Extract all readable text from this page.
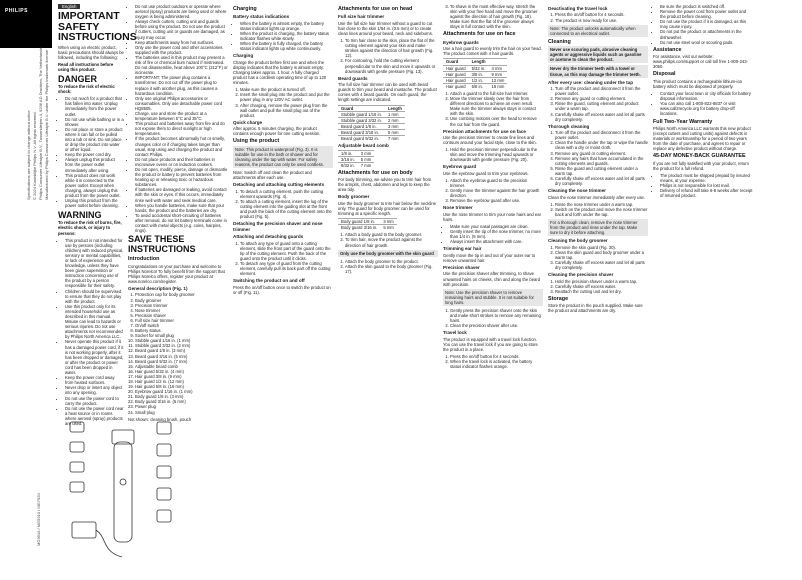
PHILIPS

Specifications are subject to change without notice © 2024 Koninklijke Philips N.V. All rights reserved. Philips Consumer Lifestyle B.V., Tussendiepen 4, 9206 AD Drachten, The Netherlands Manufactured by Philips Consumer Lifestyle B.V. under the Philips trademark license

MG3910 / MG5910 / MG7920
English
IMPORTANT SAFETY INSTRUCTIONS

When using an electric product, basic precautions should always be followed, including the following:

Read all instructions before using this product.

DANGER

To reduce the risk of electric shock:

• Do not reach for a product that has fallen into water. Unplug immediately from the power outlet.
• Do not use while bathing or in a shower.
• Do not place or store a product where it can fall or be pulled into a tub or sink. Do not place or drop the product into water or other liquid.
• Keep the power cord dry.
• Always unplug this product from the power outlet immediately after using.
• This product does not work while it is connected to the power outlet. Except when charging, always unplug this product from the power outlet.
• Unplug this product from the power outlet before cleaning.
WARNING

To reduce the risk of burns, fire, electric shock, or injury to persons:

• This product is not intended for use by persons (including children) with reduced physical, sensory or mental capabilities, or lack of experience and knowledge, unless they have been given supervision or instruction concerning use of the product by a person responsible for their safety.
• Children should be supervised to ensure that they do not play with the product.
• Use this product only for its intended household use as described in this manual. Misuse can lead to hazards or serious injuries. Do not use attachments not recommended by Philips North America LLC.
• Never operate this product if it has a damaged power cord, if it is not working properly, after it has been dropped or damaged, or after the product or power cord has been dropped in water.
• Keep the power cord away from heated surfaces.
• Never drop or insert any object into any opening.
• Do not use the power cord to carry the product.
• Do not use the power cord near a heat source or in rooms where aerosol (spray) products are used.
• Do not use product outdoors or operate where aerosol (spray) products are being used or where oxygen is being administered.
• Always check cutters, cutting unit and guards before using the product. Do not use the product if cutters, cutting unit or guards are damaged, as injury may occur.
• Keep attachments away from hot surfaces.
• Only use the power cord and other accessories supplied with the product.
• The batteries used in this product may present a risk of fire or chemical burn hazard if mistreated. Do not disassemble, heat above 100°C (212°F) or incinerate.
• IMPORTANT: The power plug contains a transformer. Do not cut off the power plug to replace it with another plug, as this causes a hazardous condition.
• Only use original Philips accessories or consumables. Only use detachable power cord HQ8505.
• Charge, use and store the product at a temperature between 5°C and 35°C.
• This product and batteries away from fire and do not expose them to direct sunlight or high temperatures.
• If the product becomes abnormally hot or smelly, changes color or if charging takes longer than usual, stop using and charging the product and contact Philips.
• Do not place products and their batteries in microwave ovens or on induction cookers.
• Do not open, modify, pierce, damage or dismantle the product or battery to prevent batteries from heating up or releasing toxic or hazardous substances.
• If batteries are damaged or leaking, avoid contact with the skin or eyes. If this occurs, immediately rinse well with water and seek medical care.
• When you handle batteries, make sure that your hands, the product and the batteries are dry.
• To avoid accidental short-circuiting of batteries after removal, do not let battery terminals come in contact with metal objects (e.g. coins, hairpins, rings).
SAVE THESE INSTRUCTIONS
Introduction

Congratulations on your purchase and welcome to Philips Norelco! To fully benefit from the support that Philips Norelco offers, register your product at www.norelco.com/register.

General description (Fig. 1)
1. Protection cap for body groomer
2. Body groomer
3. Precision trimmer
4. Nose trimmer
5. Precision shaver
6. Full size hair trimmer
7. On/off switch
8. Battery status
9. Socket for small plug
10. Stubble guard 1/16 in. (1 mm)
11. Stubble guard 3/32 in. (2 mm)
12. Beard guard 1/8 in. (3 mm)
13. Beard guard 3/16 in. (5 mm)
14. Beard guard 9/32 in. (7 mm)
15. Adjustable beard comb
16. Hair guard 5/32 in. (4 mm)
17. Hair guard 3/8 in. (9 mm)
18. Hair guard 1/2 in. (12 mm)
19. Hair guard 5/8 in. (16 mm)
20. Eyebrow guard 1/16 in. (1 mm)
21. Body guard 1/8 in. (3 mm)
22. Body guard 3/16 in. (5 mm)
23. Power plug
24. Small plug

Not shown: cleaning brush, pouch

Charging
Battery status indications
• When the battery is almost empty, the battery status indicator lights up orange.
• When the product is charging, the battery status indicator flashes white slowly.
• When the battery is fully charged, the battery status indicator lights up white continuously.
Charging

Charge the product before first use and when the display indicates that the battery is almost empty. Charging takes approx. 1 hour. A fully charged product has a cordless operating time of up to 120 minutes.

1. Make sure the product is turned off.
2. Insert the small plug into the product and put the power plug in any 120V AC outlet.
3. After charging, remove the power plug from the wall outlet and pull the small plug out of the product.
Quick charge

After approx. 5 minutes charging, the product contains enough power for one cutting session.

Using the product

Note: This product is waterproof (Fig. 3). It is suitable for use in the bath or shower and for cleaning under the tap with water. For safety reasons, the product can only be used cordless.

Note: Switch off and clean the product and attachments after each use.

Detaching and attaching cutting elements
1. To detach a cutting element, push the cutting element upwards (Fig. 4).
2. To attach a cutting element, insert the lug of the cutting element into the guiding slot at the front and push the back of the cutting element onto the product (Fig. 5).
Detaching the precision shaver and nose trimmer
Attaching and detaching guards
1. To attach any type of guard onto a cutting element, slide the front part of the guard onto the tip of the cutting element. Push the back of the guard onto the product until it clicks.
2. To detach any type of guard from the cutting element, carefully pull its back part off the cutting element.
Switching the product on and off

Press the on/off button once to switch the product on or off (Fig. 11).

Attachments for use on head
Full size hair trimmer

Use the full size hair trimmer without a guard to cut hair close to the skin 1/64 in. (0.5 mm) or to create clean lines around your beard, neck and sideburns.

1. To trim hair close to the skin, place the flat of the cutting element against your skin and make strokes against the direction of hair growth (Fig. 12).
2. For contouring, hold the cutting element perpendicular to the skin and move it upwards or downwards with gentle pressure (Fig. 13).
Beard guards

The full size hair trimmer can be used with beard guards to trim your beard and mustache. The product comes with 4 beard guards. On each guard, the length settings are indicated.

Guard	Length
Stubble guard 1/16 in.	1 mm
Stubble guard 3/32 in.	2 mm
Beard guard 1/8 in.	3 mm
Beard guard 3/16 in.	5 mm
Beard guard 9/32 in.	7 mm
Adjustable beard comb
1/8 in.	3 mm
3/16 in.	5 mm
9/32 in.	7 mm
Attachments for use on body

For body trimming, we advise you to trim hair from the armpits, chest, abdomen and legs to keep the area tidy.

Body groomer

Use the body groomer to trim hair below the neckline only. The guard for body groomer can be used for trimming at a specific length.

Body guard 1/8 in.	3 mm
Body guard 3/16 in.	5 mm
1. Attach a body guard to the body groomer.
2. To trim hair, move the product against the direction of hair growth.
Only use the body groomer with the skin guard
1. Attach the body groomer to the product.
2. Attach the skin guard to the body groomer (Fig. 17).
3. To shave in the most effective way, stretch the skin with your free hand and move the groomer against the direction of hair growth (Fig. 18). Make sure that the flat of the groomer always stays in full contact with the skin.
Attachments for use on face
Eyebrow guards

Use a hair guard to evenly trim the hair on your head. The product comes with 4 hair guards.

Guard	Length	
Hair guard	5/32 in.	4 mm
Hair guard	3/8 in.	9 mm
Hair guard	1/2 in.	12 mm
Hair guard	5/8 in.	16 mm
1. Attach a guard to the full size hair trimmer.
2. Move the trimmer slowly over the hair from different directions to achieve an even result. Make sure the trimmer always stays in contact with the skin.
3. Use combing motions over the head to remove the cut hair from the guard.
Precision attachments for use on face

Use the precision trimmer to create fine lines and contours around your facial style, close to the skin.

1. Hold the precision trimmer perpendicular to the skin and move the trimming head upwards or downwards with gentle pressure (Fig. 20).
Eyebrow guard

Use the eyebrow guard to trim your eyebrows.

1. Attach the eyebrow guard to the precision trimmer.
2. Gently move the trimmer against the hair growth direction.
3. Remove the eyebrow guard after use.
Nose trimmer

Use the nose trimmer to trim your nose hairs and ear hairs.

• Make sure your nasal passages are clean.
• Gently insert the tip of the nose trimmer, no more than 1/4 in. (5 mm).
• Always insert the attachment with care.
Trimming ear hair

Gently move the tip in and out of your outer ear to remove unwanted hair.

Precision shaver

Use the precision shaver after trimming, to shave unwanted hairs on cheeks, chin and along the beard with precision.

Note: Use the precision shaver to remove remaining hairs and stubble. It is not suitable for long hairs.

1. Gently press the precision shaver onto the skin and make short strokes to remove any remaining hairs.
2. Clean the precision shaver after use.
Travel lock

The product is equipped with a travel lock function. You can use the travel lock if you are going to store the product in a place.

1. Press the on/off button for 4 seconds.
2. When the travel lock is activated, the battery status indicator flashes orange.
Deactivating the travel lock
1. Press the on/off button for 4 seconds.
2. The product is now ready for use.

Note: The product unlocks automatically when connected to an electrical outlet.

Cleaning

Never use scouring pads, abrasive cleaning agents or aggressive liquids such as gasoline or acetone to clean the product.

Never dry the trimmer teeth with a towel or tissue, as this may damage the trimmer teeth.

After every use: cleaning under the tap
1. Turn off the product and disconnect it from the power outlet.
2. Remove any guard or cutting element.
3. Rinse the guard, cutting element and product under a warm tap.
4. Carefully shake off excess water and let all parts dry completely.
Thorough cleaning
1. Turn off the product and disconnect it from the power outlet.
2. Clean the handle under the tap or wipe the handle clean with a dry or moist cloth.
3. Remove any guard or cutting element.
4. Remove any hairs that have accumulated in the cutting elements and guards.
5. Rinse the guard and cutting element under a warm tap.
6. Carefully shake off excess water and let all parts dry completely.
Cleaning the nose trimmer

Clean the nose trimmer immediately after every use.

1. Rinse the nose trimmer under a warm tap.
2. Switch on the product and move the nose trimmer back and forth under the tap.

For a thorough clean, remove the nose trimmer from the product and rinse under the tap. Make sure to dry it before attaching.

Cleaning the body groomer
1. Remove the skin guard (Fig. 30).
2. Clean the skin guard and body groomer under a warm tap.
3. Carefully shake off excess water and let all parts dry completely.
Cleaning the precision shaver
1. Hold the precision shaver under a warm tap.
2. Carefully shake off excess water.
3. Reattach the cutting unit and let dry.
Storage

Store the product in the pouch supplied. Make sure the product and attachments are dry.

• Be sure the product is switched off.
• Remove the power cord from power outlet and the product before cleaning.
• Do not use the product if it is damaged, as this may cause injury.
• Do not put the product or attachments in the dishwasher.
• Do not use steel wool or scouring pads.
Assistance

For assistance, visit our website: www.philips.com/support or call toll free 1-800-243-3050.

Disposal

This product contains a rechargeable lithium-ion battery which must be disposed of properly.

• Contact your local town or city officials for battery disposal information.
• You can also call 1-800-822-8837 or visit www.call2recycle.org for battery drop-off locations.
Full Two-Year Warranty

Philips North America LLC warrants this new product (except cutters and cutting units) against defects in materials or workmanship for a period of two years from the date of purchase, and agrees to repair or replace any defective product without charge.

45-DAY MONEY-BACK GUARANTEE

If you are not fully satisfied with your product, return the product for a full refund.

• The product must be shipped prepaid by insured means, at your expense.
• Philips is not responsible for lost mail.
• Delivery of refund will take 6-8 weeks after receipt of returned product.
